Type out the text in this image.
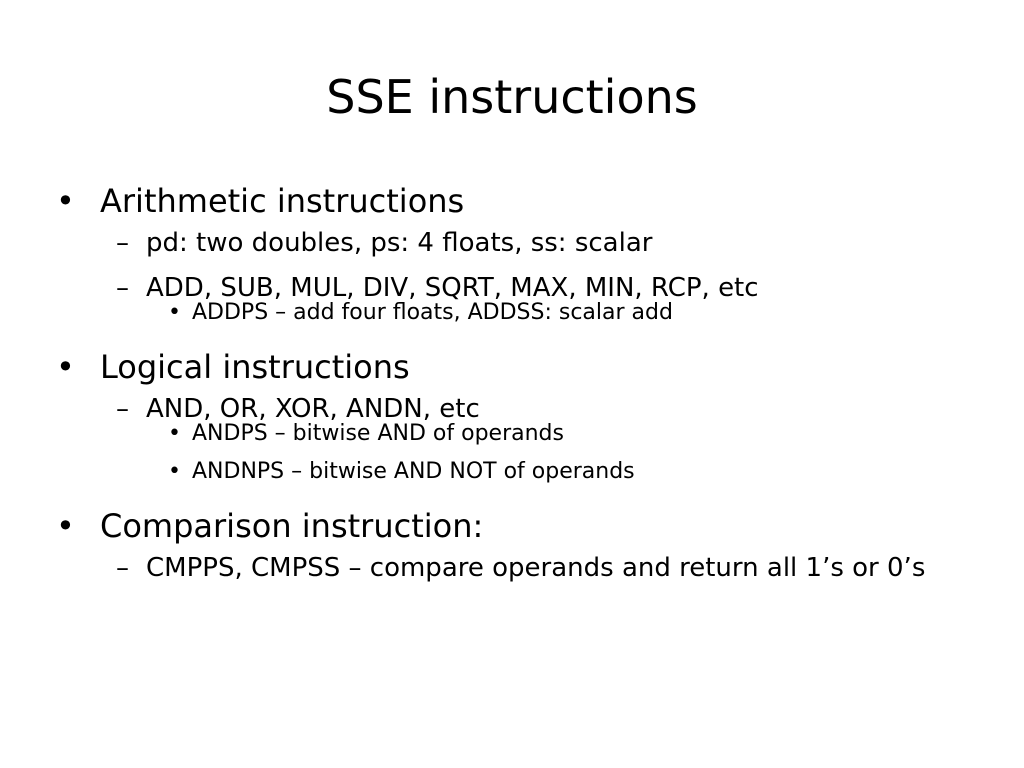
SSE instructions
• Arithmetic instructions
– pd: two doubles, ps: 4 floats, ss: scalar
– ADD, SUB, MUL, DIV, SQRT, MAX, MIN, RCP, etc
• ADDPS – add four floats, ADDSS: scalar add
• Logical instructions
– AND, OR, XOR, ANDN, etc
• ANDPS – bitwise AND of operands
• ANDNPS – bitwise AND NOT of operands
• Comparison instruction:
– CMPPS, CMPSS – compare operands and return all 1’s or 0’s
